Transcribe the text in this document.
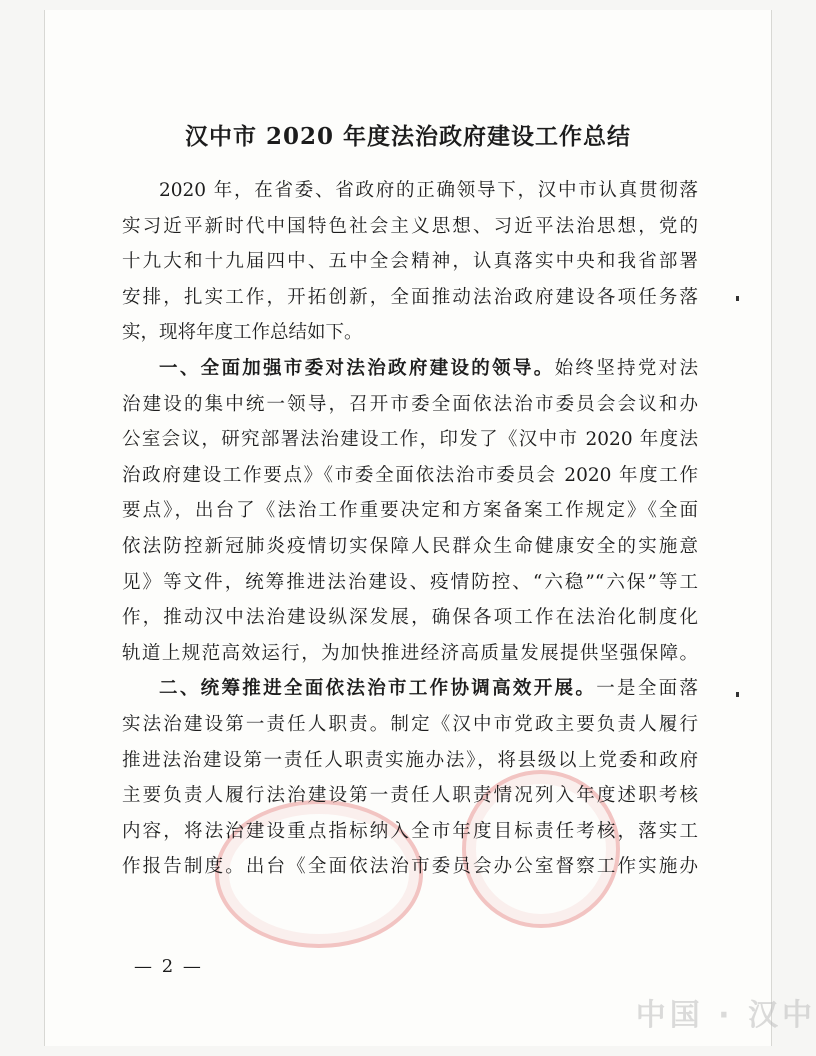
汉中市 2020 年度法治政府建设工作总结
2020 年，在省委、省政府的正确领导下，汉中市认真贯彻落
实习近平新时代中国特色社会主义思想、习近平法治思想，党的
十九大和十九届四中、五中全会精神，认真落实中央和我省部署
安排，扎实工作，开拓创新，全面推动法治政府建设各项任务落
实，现将年度工作总结如下。
一、全面加强市委对法治政府建设的领导。始终坚持党对法
治建设的集中统一领导，召开市委全面依法治市委员会会议和办
公室会议，研究部署法治建设工作，印发了《汉中市 2020 年度法
治政府建设工作要点》《市委全面依法治市委员会 2020 年度工作
要点》，出台了《法治工作重要决定和方案备案工作规定》《全面
依法防控新冠肺炎疫情切实保障人民群众生命健康安全的实施意
见》等文件，统筹推进法治建设、疫情防控、“六稳”“六保”等工
作，推动汉中法治建设纵深发展，确保各项工作在法治化制度化
轨道上规范高效运行，为加快推进经济高质量发展提供坚强保障。
二、统筹推进全面依法治市工作协调高效开展。一是全面落
实法治建设第一责任人职责。制定《汉中市党政主要负责人履行
推进法治建设第一责任人职责实施办法》，将县级以上党委和政府
主要负责人履行法治建设第一责任人职责情况列入年度述职考核
内容，将法治建设重点指标纳入全市年度目标责任考核，落实工
作报告制度。出台《全面依法治市委员会办公室督察工作实施办
— 2 —
中国 · 汉中
